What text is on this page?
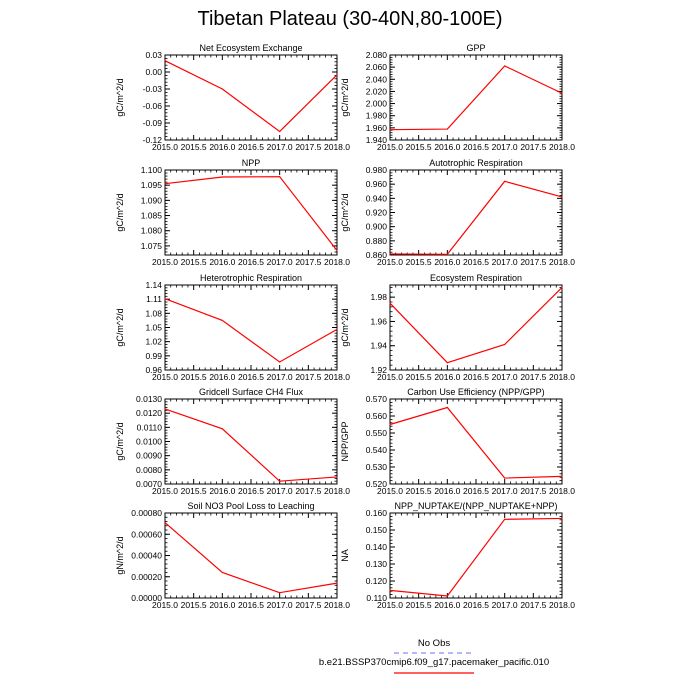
Tibetan Plateau (30-40N,80-100E)
Net Ecosystem Exchange
gC/m^2/d
2015.0 2015.5 2016.0 2016.5 2017.0 2017.5 2018.0
0.03
0.00
-0.03
-0.06
-0.09
-0.12
GPP
gC/m^2/d
2015.0 2015.5 2016.0 2016.5 2017.0 2017.5 2018.0
2.080
2.060
2.040
2.020
2.000
1.980
1.960
1.940
NPP
gC/m^2/d
2015.0 2015.5 2016.0 2016.5 2017.0 2017.5 2018.0
1.100
1.095
1.090
1.085
1.080
1.075
Autotrophic Respiration
gC/m^2/d
2015.0 2015.5 2016.0 2016.5 2017.0 2017.5 2018.0
0.980
0.960
0.940
0.920
0.900
0.880
0.860
Heterotrophic Respiration
gC/m^2/d
2015.0 2015.5 2016.0 2016.5 2017.0 2017.5 2018.0
1.14
1.11
1.08
1.05
1.02
0.99
0.96
Ecosystem Respiration
gC/m^2/d
2015.0 2015.5 2016.0 2016.5 2017.0 2017.5 2018.0
1.98
1.96
1.94
1.92
Gridcell Surface CH4 Flux
gC/m^2/d
2015.0 2015.5 2016.0 2016.5 2017.0 2017.5 2018.0
0.0130
0.0120
0.0110
0.0100
0.0090
0.0080
0.0070
Carbon Use Efficiency (NPP/GPP)
NPP/GPP
2015.0 2015.5 2016.0 2016.5 2017.0 2017.5 2018.0
0.570
0.560
0.550
0.540
0.530
0.520
Soil NO3 Pool Loss to Leaching
gN/m^2/d
2015.0 2015.5 2016.0 2016.5 2017.0 2017.5 2018.0
0.00080
0.00060
0.00040
0.00020
0.00000
NPP_NUPTAKE/(NPP_NUPTAKE+NPP)
NA
2015.0 2015.5 2016.0 2016.5 2017.0 2017.5 2018.0
0.160
0.150
0.140
0.130
0.120
0.110
No Obs
b.e21.BSSP370cmip6.f09_g17.pacemaker_pacific.010
